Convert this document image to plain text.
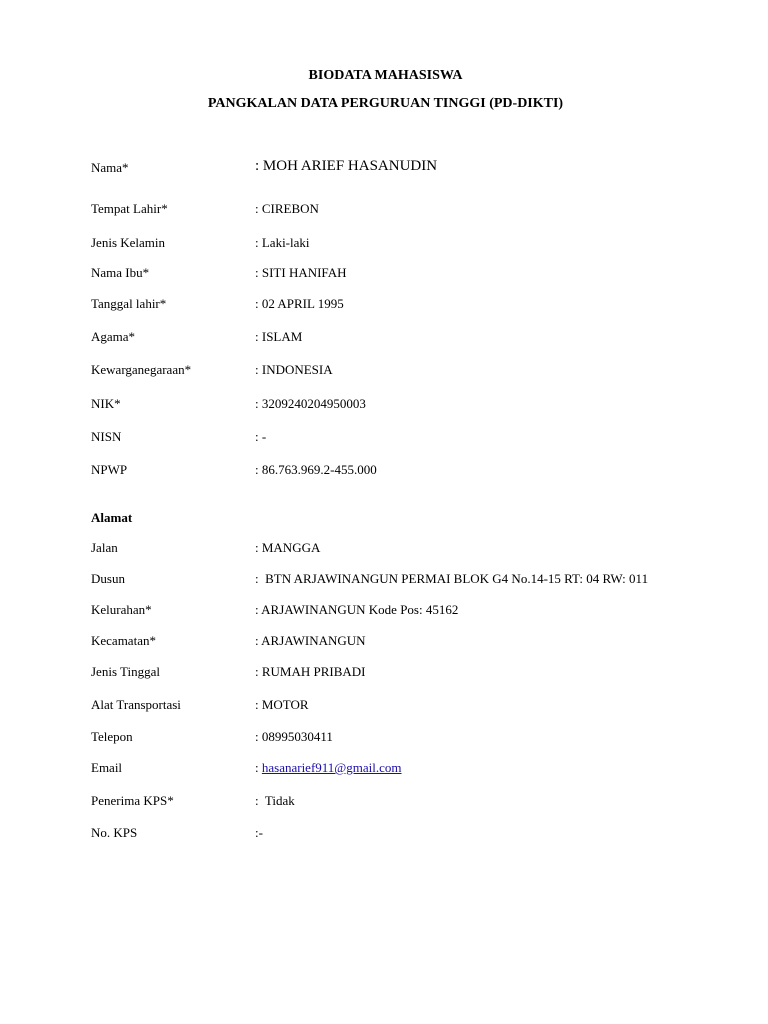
BIODATA MAHASISWA
PANGKALAN DATA PERGURUAN TINGGI (PD-DIKTI)
Nama*	: MOH ARIEF HASANUDIN
Tempat Lahir*	: CIREBON
Jenis Kelamin	: Laki-laki
Nama Ibu*	: SITI HANIFAH
Tanggal lahir*	: 02 APRIL 1995
Agama*	: ISLAM
Kewarganegaraan*	: INDONESIA
NIK*	: 3209240204950003
NISN	: -
NPWP	: 86.763.969.2-455.000
Alamat
Jalan	: MANGGA
Dusun	:  BTN ARJAWINANGUN PERMAI BLOK G4 No.14-15 RT: 04 RW: 011
Kelurahan*	: ARJAWINANGUN Kode Pos: 45162
Kecamatan*	: ARJAWINANGUN
Jenis Tinggal	: RUMAH PRIBADI
Alat Transportasi	: MOTOR
Telepon	: 08995030411
Email	: hasanarief911@gmail.com
Penerima KPS*	:  Tidak
No. KPS	:-
